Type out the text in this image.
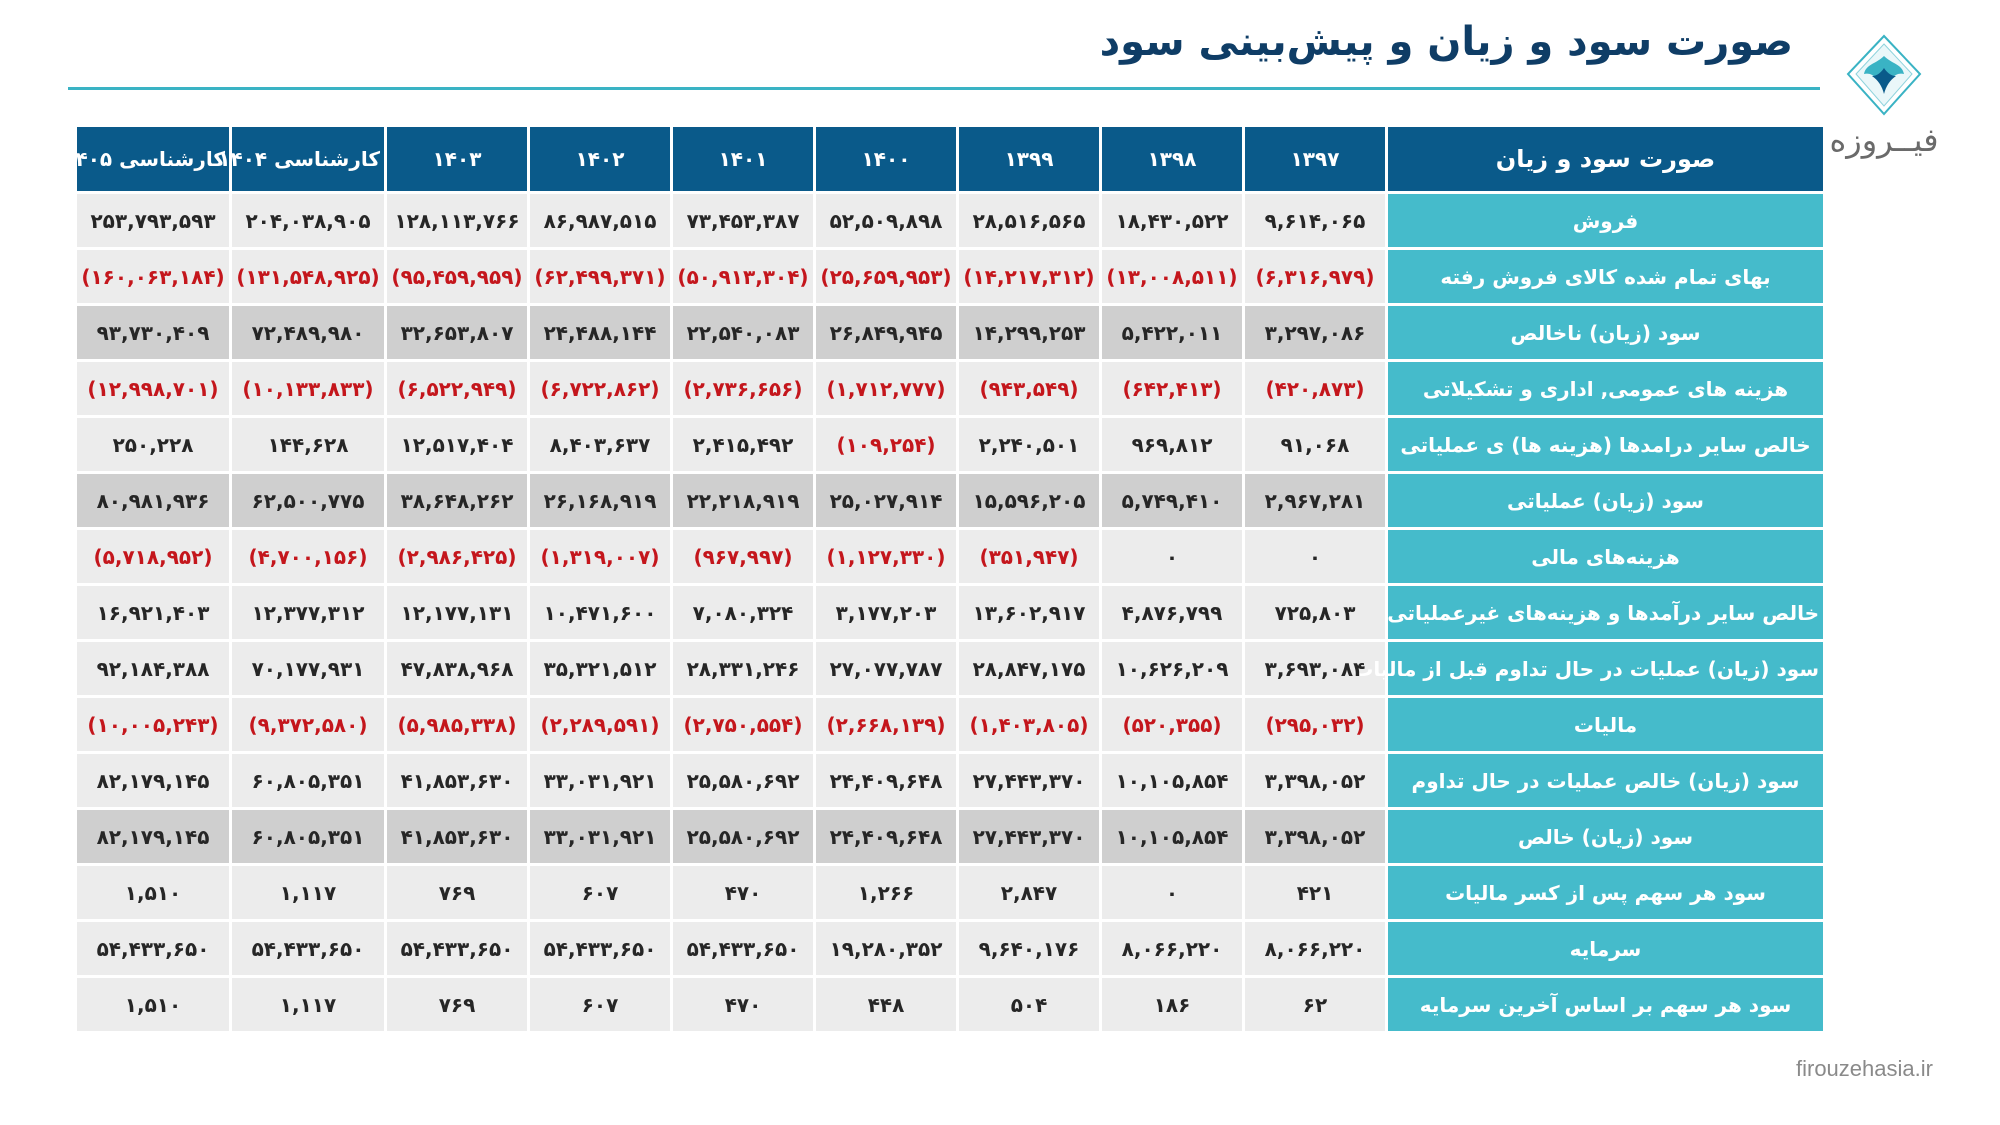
صورت سود و زیان و پیش‌بینی سود
فیــروزه
صورت سود و زیان	۱۳۹۷	۱۳۹۸	۱۳۹۹	۱۴۰۰	۱۴۰۱	۱۴۰۲	۱۴۰۳	کارشناسی ۱۴۰۴	کارشناسی ۱۴۰۵
فروش	۹,۶۱۴,۰۶۵	۱۸,۴۳۰,۵۲۲	۲۸,۵۱۶,۵۶۵	۵۲,۵۰۹,۸۹۸	۷۳,۴۵۳,۳۸۷	۸۶,۹۸۷,۵۱۵	۱۲۸,۱۱۳,۷۶۶	۲۰۴,۰۳۸,۹۰۵	۲۵۳,۷۹۳,۵۹۳
بهای تمام شده کالای فروش رفته	(۶,۳۱۶,۹۷۹)	(۱۳,۰۰۸,۵۱۱)	(۱۴,۲۱۷,۳۱۲)	(۲۵,۶۵۹,۹۵۳)	(۵۰,۹۱۳,۳۰۴)	(۶۲,۴۹۹,۳۷۱)	(۹۵,۴۵۹,۹۵۹)	(۱۳۱,۵۴۸,۹۲۵)	(۱۶۰,۰۶۳,۱۸۴)
سود (زیان) ناخالص	۳,۲۹۷,۰۸۶	۵,۴۲۲,۰۱۱	۱۴,۲۹۹,۲۵۳	۲۶,۸۴۹,۹۴۵	۲۲,۵۴۰,۰۸۳	۲۴,۴۸۸,۱۴۴	۳۲,۶۵۳,۸۰۷	۷۲,۴۸۹,۹۸۰	۹۳,۷۳۰,۴۰۹
هزینه های عمومی, اداری و تشکیلاتی	(۴۲۰,۸۷۳)	(۶۴۲,۴۱۳)	(۹۴۳,۵۴۹)	(۱,۷۱۲,۷۷۷)	(۲,۷۳۶,۶۵۶)	(۶,۷۲۲,۸۶۲)	(۶,۵۲۲,۹۴۹)	(۱۰,۱۳۳,۸۳۳)	(۱۲,۹۹۸,۷۰۱)
خالص سایر درامدها (هزینه ها) ی عملیاتی	۹۱,۰۶۸	۹۶۹,۸۱۲	۲,۲۴۰,۵۰۱	(۱۰۹,۲۵۴)	۲,۴۱۵,۴۹۲	۸,۴۰۳,۶۳۷	۱۲,۵۱۷,۴۰۴	۱۴۴,۶۲۸	۲۵۰,۲۲۸
سود (زیان) عملیاتی	۲,۹۶۷,۲۸۱	۵,۷۴۹,۴۱۰	۱۵,۵۹۶,۲۰۵	۲۵,۰۲۷,۹۱۴	۲۲,۲۱۸,۹۱۹	۲۶,۱۶۸,۹۱۹	۳۸,۶۴۸,۲۶۲	۶۲,۵۰۰,۷۷۵	۸۰,۹۸۱,۹۳۶
هزینه‌های مالی	۰	۰	(۳۵۱,۹۴۷)	(۱,۱۲۷,۳۳۰)	(۹۶۷,۹۹۷)	(۱,۳۱۹,۰۰۷)	(۲,۹۸۶,۴۲۵)	(۴,۷۰۰,۱۵۶)	(۵,۷۱۸,۹۵۲)
خالص سایر درآمدها و هزینه‌های غیرعملیاتی	۷۲۵,۸۰۳	۴,۸۷۶,۷۹۹	۱۳,۶۰۲,۹۱۷	۳,۱۷۷,۲۰۳	۷,۰۸۰,۳۲۴	۱۰,۴۷۱,۶۰۰	۱۲,۱۷۷,۱۳۱	۱۲,۳۷۷,۳۱۲	۱۶,۹۲۱,۴۰۳
سود (زیان) عملیات در حال تداوم قبل از مالیات	۳,۶۹۳,۰۸۴	۱۰,۶۲۶,۲۰۹	۲۸,۸۴۷,۱۷۵	۲۷,۰۷۷,۷۸۷	۲۸,۳۳۱,۲۴۶	۳۵,۳۲۱,۵۱۲	۴۷,۸۳۸,۹۶۸	۷۰,۱۷۷,۹۳۱	۹۲,۱۸۴,۳۸۸
مالیات	(۲۹۵,۰۳۲)	(۵۲۰,۳۵۵)	(۱,۴۰۳,۸۰۵)	(۲,۶۶۸,۱۳۹)	(۲,۷۵۰,۵۵۴)	(۲,۲۸۹,۵۹۱)	(۵,۹۸۵,۳۳۸)	(۹,۳۷۲,۵۸۰)	(۱۰,۰۰۵,۲۴۳)
سود (زیان) خالص عملیات در حال تداوم	۳,۳۹۸,۰۵۲	۱۰,۱۰۵,۸۵۴	۲۷,۴۴۳,۳۷۰	۲۴,۴۰۹,۶۴۸	۲۵,۵۸۰,۶۹۲	۳۳,۰۳۱,۹۲۱	۴۱,۸۵۳,۶۳۰	۶۰,۸۰۵,۳۵۱	۸۲,۱۷۹,۱۴۵
سود (زیان) خالص	۳,۳۹۸,۰۵۲	۱۰,۱۰۵,۸۵۴	۲۷,۴۴۳,۳۷۰	۲۴,۴۰۹,۶۴۸	۲۵,۵۸۰,۶۹۲	۳۳,۰۳۱,۹۲۱	۴۱,۸۵۳,۶۳۰	۶۰,۸۰۵,۳۵۱	۸۲,۱۷۹,۱۴۵
سود هر سهم پس از کسر مالیات	۴۲۱	۰	۲,۸۴۷	۱,۲۶۶	۴۷۰	۶۰۷	۷۶۹	۱,۱۱۷	۱,۵۱۰
سرمایه	۸,۰۶۶,۲۲۰	۸,۰۶۶,۲۲۰	۹,۶۴۰,۱۷۶	۱۹,۲۸۰,۳۵۲	۵۴,۴۳۳,۶۵۰	۵۴,۴۳۳,۶۵۰	۵۴,۴۳۳,۶۵۰	۵۴,۴۳۳,۶۵۰	۵۴,۴۳۳,۶۵۰
سود هر سهم بر اساس آخرین سرمایه	۶۲	۱۸۶	۵۰۴	۴۴۸	۴۷۰	۶۰۷	۷۶۹	۱,۱۱۷	۱,۵۱۰
firouzehasia.ir
